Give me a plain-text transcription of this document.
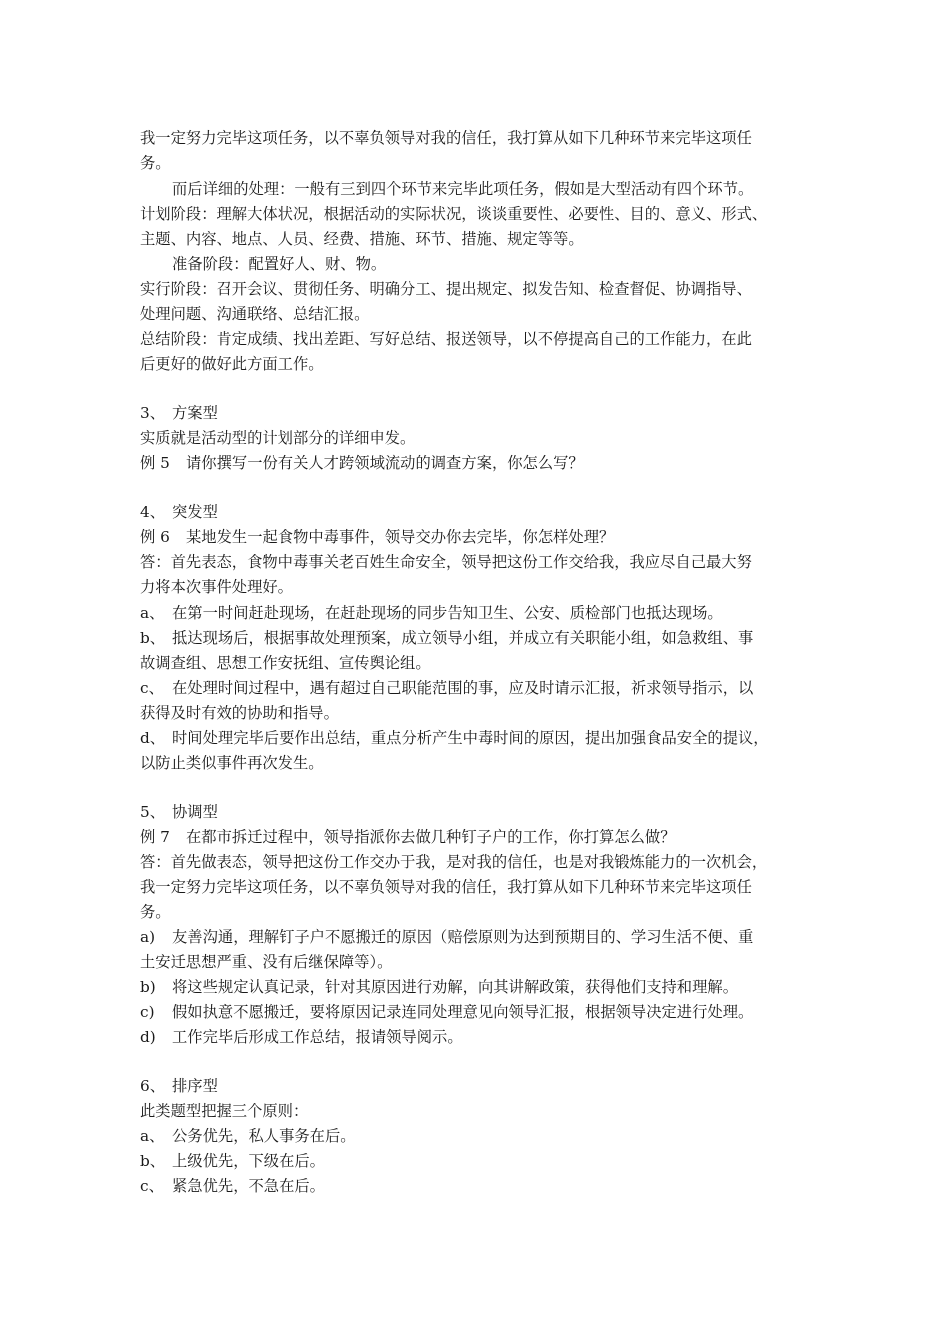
我一定努力完毕这项任务，以不辜负领导对我的信任，我打算从如下几种环节来完毕这项任
务。
而后详细的处理：一般有三到四个环节来完毕此项任务，假如是大型活动有四个环节。
计划阶段：理解大体状况，根据活动的实际状况，谈谈重要性、必要性、目的、意义、形式、
主题、内容、地点、人员、经费、措施、环节、措施、规定等等。
准备阶段：配置好人、财、物。
实行阶段：召开会议、贯彻任务、明确分工、提出规定、拟发告知、检查督促、协调指导、
处理问题、沟通联络、总结汇报。
总结阶段：肯定成绩、找出差距、写好总结、报送领导，以不停提高自己的工作能力，在此
后更好的做好此方面工作。
3、 方案型
实质就是活动型的计划部分的详细申发。
例 5 请你撰写一份有关人才跨领域流动的调查方案，你怎么写？
4、 突发型
例 6 某地发生一起食物中毒事件，领导交办你去完毕，你怎样处理？
答：首先表态，食物中毒事关老百姓生命安全，领导把这份工作交给我，我应尽自己最大努
力将本次事件处理好。
a、 在第一时间赶赴现场，在赶赴现场的同步告知卫生、公安、质检部门也抵达现场。
b、 抵达现场后，根据事故处理预案，成立领导小组，并成立有关职能小组，如急救组、事
故调查组、思想工作安抚组、宣传舆论组。
c、 在处理时间过程中，遇有超过自己职能范围的事，应及时请示汇报，祈求领导指示，以
获得及时有效的协助和指导。
d、 时间处理完毕后要作出总结，重点分析产生中毒时间的原因，提出加强食品安全的提议，
以防止类似事件再次发生。
5、 协调型
例 7 在都市拆迁过程中，领导指派你去做几种钉子户的工作，你打算怎么做？
答：首先做表态，领导把这份工作交办于我，是对我的信任，也是对我锻炼能力的一次机会，
我一定努力完毕这项任务，以不辜负领导对我的信任，我打算从如下几种环节来完毕这项任
务。
a) 友善沟通，理解钉子户不愿搬迁的原因（赔偿原则为达到预期目的、学习生活不便、重
土安迁思想严重、没有后继保障等）。
b) 将这些规定认真记录，针对其原因进行劝解，向其讲解政策，获得他们支持和理解。
c) 假如执意不愿搬迁，要将原因记录连同处理意见向领导汇报，根据领导决定进行处理。
d) 工作完毕后形成工作总结，报请领导阅示。
6、 排序型
此类题型把握三个原则：
a、 公务优先，私人事务在后。
b、 上级优先，下级在后。
c、 紧急优先，不急在后。
